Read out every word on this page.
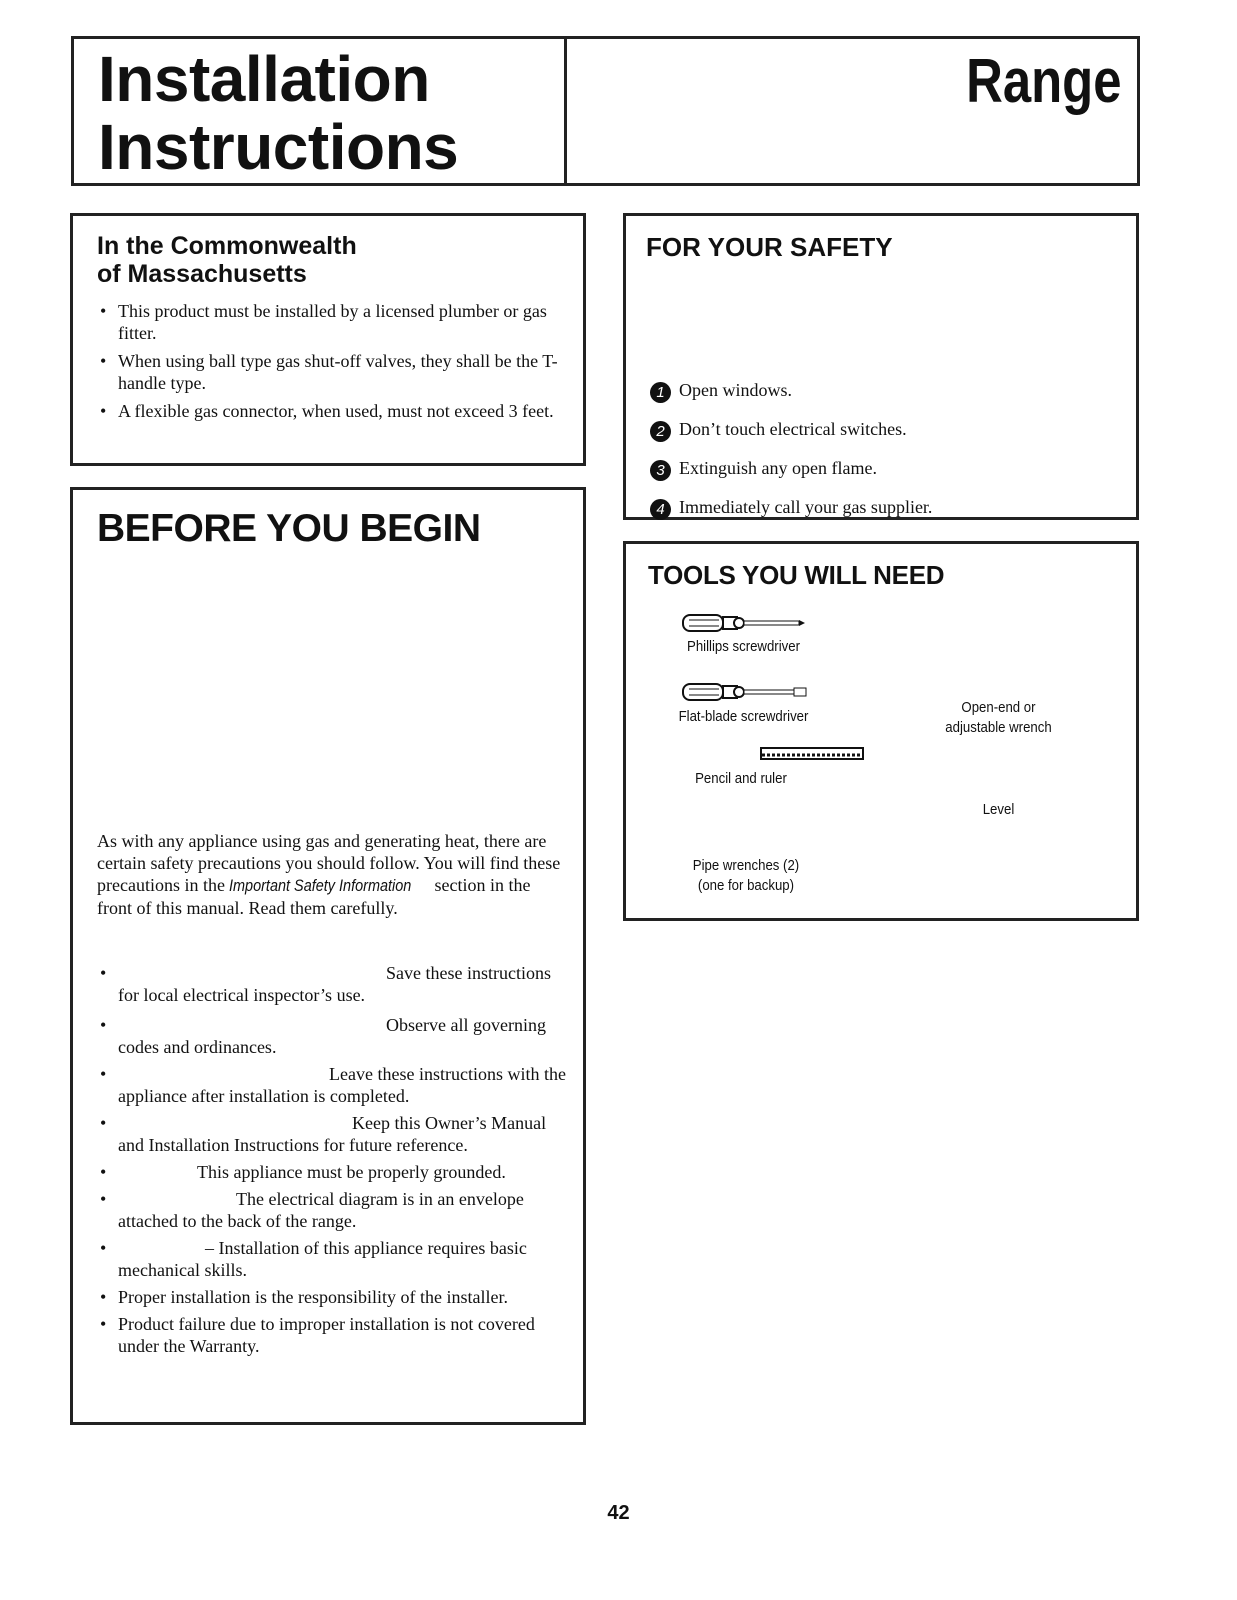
Installation
Instructions
Range
In the Commonwealth
of Massachusetts
• This product must be installed by a licensed plumber or gas fitter.
• When using ball type gas shut-off valves, they shall be the T-handle type.
• A flexible gas connector, when used, must not exceed 3 feet.
BEFORE YOU BEGIN
As with any appliance using gas and generating heat, there are certain safety precautions you should follow. You will find these precautions in the Important Safety Information section in the front of this manual. Read them carefully.
• Save these instructions for local electrical inspector’s use.
• Observe all governing codes and ordinances.
• Leave these instructions with the appliance after installation is completed.
• Keep this Owner’s Manual and Installation Instructions for future reference.
• This appliance must be properly grounded.
• The electrical diagram is in an envelope attached to the back of the range.
• – Installation of this appliance requires basic mechanical skills.
• Proper installation is the responsibility of the installer.
• Product failure due to improper installation is not covered under the Warranty.
FOR YOUR SAFETY
1 Open windows.
2 Don’t touch electrical switches.
3 Extinguish any open flame.
4 Immediately call your gas supplier.
TOOLS YOU WILL NEED
Phillips screwdriver
Flat-blade screwdriver
Open-end or
adjustable wrench
Pencil and ruler
Level
Pipe wrenches (2)
(one for backup)
42
